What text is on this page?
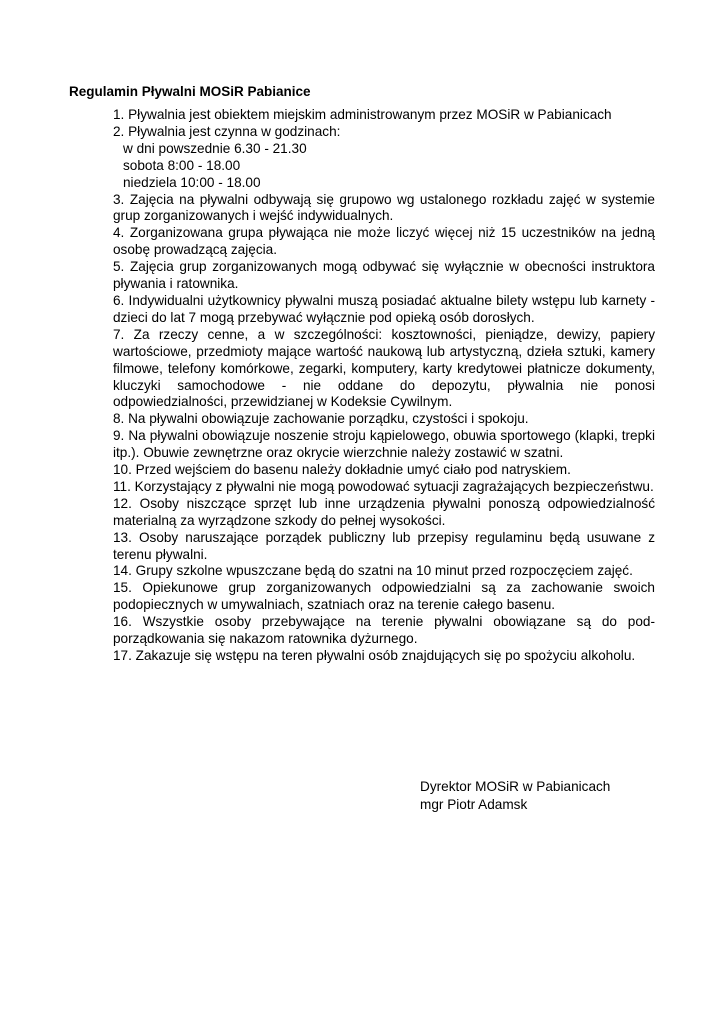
Regulamin Pływalni MOSiR Pabianice

1. Pływalnia jest obiektem miejskim administrowanym przez MOSiR w Pabianicach

2. Pływalnia jest czynna w godzinach:

w dni powszednie 6.30 - 21.30
sobota 8:00 - 18.00
niedziela 10:00 - 18.00

3. Zajęcia na pływalni odbywają się grupowo wg ustalonego rozkładu zajęć w systemie grup zorganizowanych i wejść indywidualnych.

4. Zorganizowana grupa pływająca nie może liczyć więcej niż 15 uczestników na jedną osobę prowadzącą zajęcia.

5. Zajęcia grup zorganizowanych mogą odbywać się wyłącznie w obecności instruktora pływania i ratownika.

6. Indywidualni użytkownicy pływalni muszą posiadać aktualne bilety wstępu lub karnety - dzieci do lat 7 mogą przebywać wyłącznie pod opieką osób dorosłych.

7. Za rzeczy cenne, a w szczególności: kosztowności, pieniądze, dewizy, papiery wartościowe, przedmioty mające wartość naukową lub artystyczną, dzieła sztuki, kamery filmowe, telefony komórkowe, zegarki, komputery, karty kredytowei płatnicze dokumenty, kluczyki samochodowe - nie oddane do depozytu, pływalnia nie ponosi odpowiedzialności, przewidzianej w Kodeksie Cywilnym.

8. Na pływalni obowiązuje zachowanie porządku, czystości i spokoju.

9. Na pływalni obowiązuje noszenie stroju kąpielowego, obuwia sportowego (klapki, trepki itp.). Obuwie zewnętrzne oraz okrycie wierzchnie należy zostawić w szatni.

10. Przed wejściem do basenu należy dokładnie umyć ciało pod natryskiem.

11. Korzystający z pływalni nie mogą powodować sytuacji zagrażających bezpieczeństwu.

12. Osoby niszczące sprzęt lub inne urządzenia pływalni ponoszą odpowiedzialność materialną za wyrządzone szkody do pełnej wysokości.

13. Osoby naruszające porządek publiczny lub przepisy regulaminu będą usuwane z terenu pływalni.

14. Grupy szkolne wpuszczane będą do szatni na 10 minut przed rozpoczęciem zajęć.

15. Opiekunowe grup zorganizowanych odpowiedzialni są za zachowanie swoich podopiecznych w umywalniach, szatniach oraz na terenie całego basenu.

16. Wszystkie osoby przebywające na terenie pływalni obowiązane są do podporządkowania się nakazom ratownika dyżurnego.

17. Zakazuje się wstępu na teren pływalni osób znajdujących się po spożyciu alkoholu.

Dyrektor MOSiR w Pabianicach
mgr Piotr Adamsk
